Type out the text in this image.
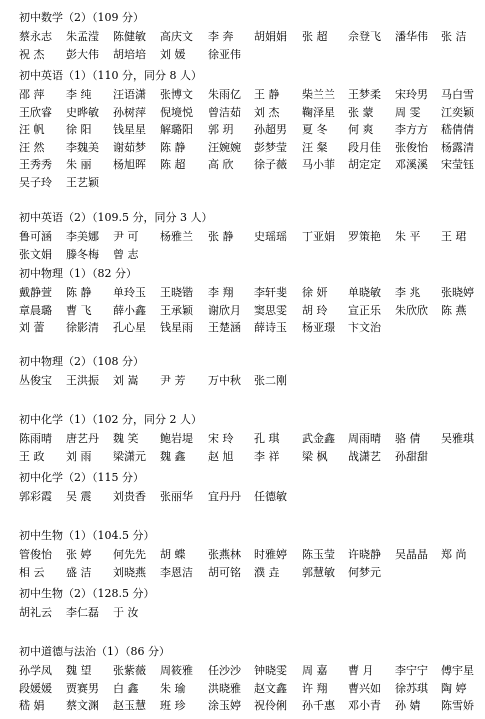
初中数学（2）（109 分）
蔡永志 朱孟滢 陈健敏 高庆文 李 奔 胡娟娟 张 超 佘登飞 潘华伟 张 洁
祝 杰 彭大伟 胡培培 刘 媛 徐亚伟
初中英语（1）（110 分，同分 8 人）
邵 萍 李 纯 汪语潇 张博文 朱雨亿 王 静 柴兰兰 王梦柔 宋玲男 马白雪
王欣睿 史晔敏 孙树萍 倪境悦 曾洁茹 刘 杰 鞠泽星 张 蒙 周 雯 江奕颖
汪 帆 徐 阳 钱星星 解璐阳 郭 玥 孙超男 夏 冬 何 爽 李方方 嵇倩倩
汪 然 李魏美 谢茹梦 陈 静 汪婉婉 彭梦莹 汪 粲 段月佳 张俊怡 杨露清
王秀秀 朱 丽 杨旭晖 陈 超 高 欣 徐子薇 马小菲 胡定定 邓溪溪 宋莹钰
吴子玲 王艺颖
初中英语（2）（109.5 分，同分 3 人）
鲁可涵 李美娜 尹 可 杨雅兰 张 静 史瑶瑶 丁亚娟 罗策艳 朱 平 王 珺
张文娟 滕冬梅 曾 志
初中物理（1）（82 分）
戴静萱 陈 静 单玲玉 王晓锴 李 翔 李轩斐 徐 妍 单晓敏 李 兆 张晓婷
章晨璐 曹 飞 薛小鑫 王承颖 谢欣月 窦思雯 胡 玲 宣正乐 朱欣欣 陈 燕
刘 蕾 徐影清 孔心星 钱星雨 王楚涵 薛诗玉 杨亚璟 卞文治
初中物理（2）（108 分）
丛俊宝 王洪振 刘 嵩 尹 芳 万中秋 张二刚
初中化学（1）（102 分，同分 2 人）
陈雨晴 唐艺丹 魏 笑 鲍岩堤 宋 玲 孔 琪 武金鑫 周雨晴 骆 倩 吴雅琪
王 政 刘 雨 梁潇元 魏 鑫 赵 旭 李 祥 梁 枫 战潇艺 孙甜甜
初中化学（2）（115 分）
郭彩霞 吴 震 刘贵香 张丽华 宜丹丹 任德敏
初中生物（1）（104.5 分）
管俊怡 张 婷 何先先 胡 蝶 张燕林 时雅婷 陈玉莹 许晓静 吴晶晶 郑 尚
相 云 盛 洁 刘晓燕 李恩洁 胡可铭 濮 垚 郭慧敏 何梦元
初中生物（2）（128.5 分）
胡礼云 李仁磊 于 汝
初中道德与法治（1）（86 分）
孙学凤 魏 望 张紫薇 周筱雅 任沙沙 钟晓雯 周 嘉 曹 月 李宁宁 傅宇星
段媛媛 贾赛男 白 鑫 朱 瑜 洪晓雅 赵文鑫 许 翔 曹兴如 徐苏琪 陶 婷
嵇 娟 蔡文渊 赵玉慧 班 珍 涂玉婷 祝伶俐 孙千惠 邓小青 孙 婧 陈雪娇
